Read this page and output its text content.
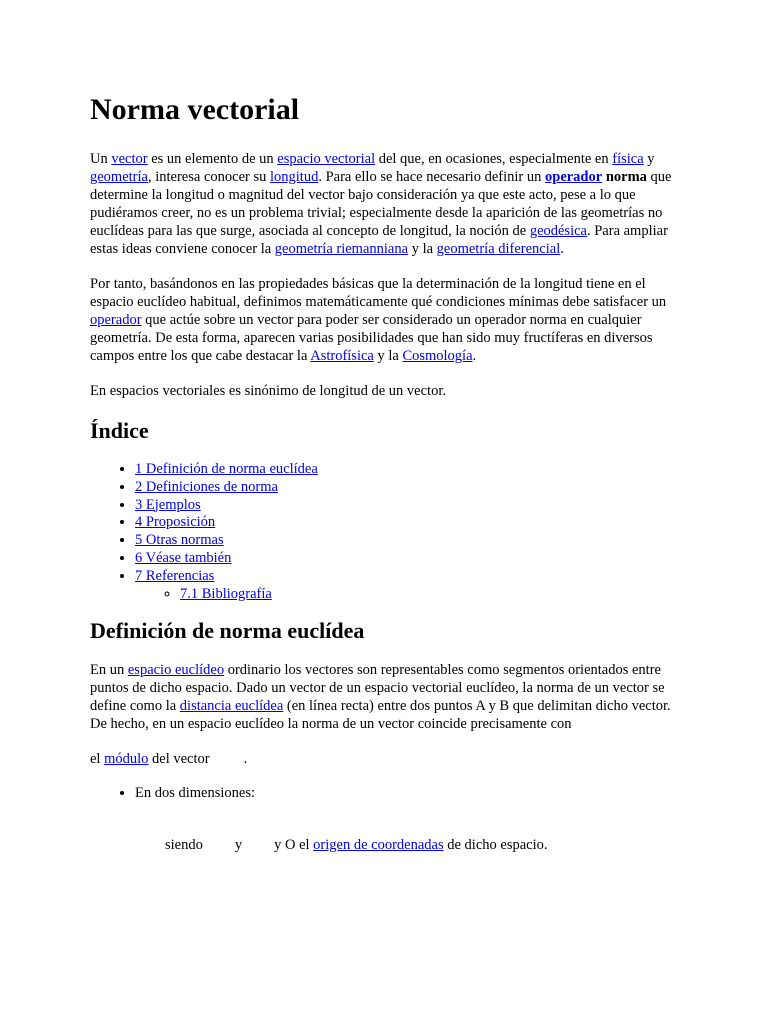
Norma vectorial

Un vector es un elemento de un espacio vectorial del que, en ocasiones, especialmente en física y geometría, interesa conocer su longitud. Para ello se hace necesario definir un operador norma que determine la longitud o magnitud del vector bajo consideración ya que este acto, pese a lo que pudiéramos creer, no es un problema trivial; especialmente desde la aparición de las geometrías no euclídeas para las que surge, asociada al concepto de longitud, la noción de geodésica. Para ampliar estas ideas conviene conocer la geometría riemanniana y la geometría diferencial.

Por tanto, basándonos en las propiedades básicas que la determinación de la longitud tiene en el espacio euclídeo habitual, definimos matemáticamente qué condiciones mínimas debe satisfacer un operador que actúe sobre un vector para poder ser considerado un operador norma en cualquier geometría. De esta forma, aparecen varias posibilidades que han sido muy fructíferas en diversos campos entre los que cabe destacar la Astrofísica y la Cosmología.

En espacios vectoriales es sinónimo de longitud de un vector.

Índice
• 1 Definición de norma euclídea
• 2 Definiciones de norma
• 3 Ejemplos
• 4 Proposición
• 5 Otras normas
• 6 Véase también
• 7 Referencias
◦ 7.1 Bibliografía
Definición de norma euclídea

En un espacio euclídeo ordinario los vectores son representables como segmentos orientados entre puntos de dicho espacio. Dado un vector de un espacio vectorial euclídeo, la norma de un vector se define como la distancia euclídea (en línea recta) entre dos puntos A y B que delimitan dicho vector. De hecho, en un espacio euclídeo la norma de un vector coincide precisamente con

el módulo del vector .

• En dos dimensiones:
siendo y y O el origen de coordenadas de dicho espacio.
